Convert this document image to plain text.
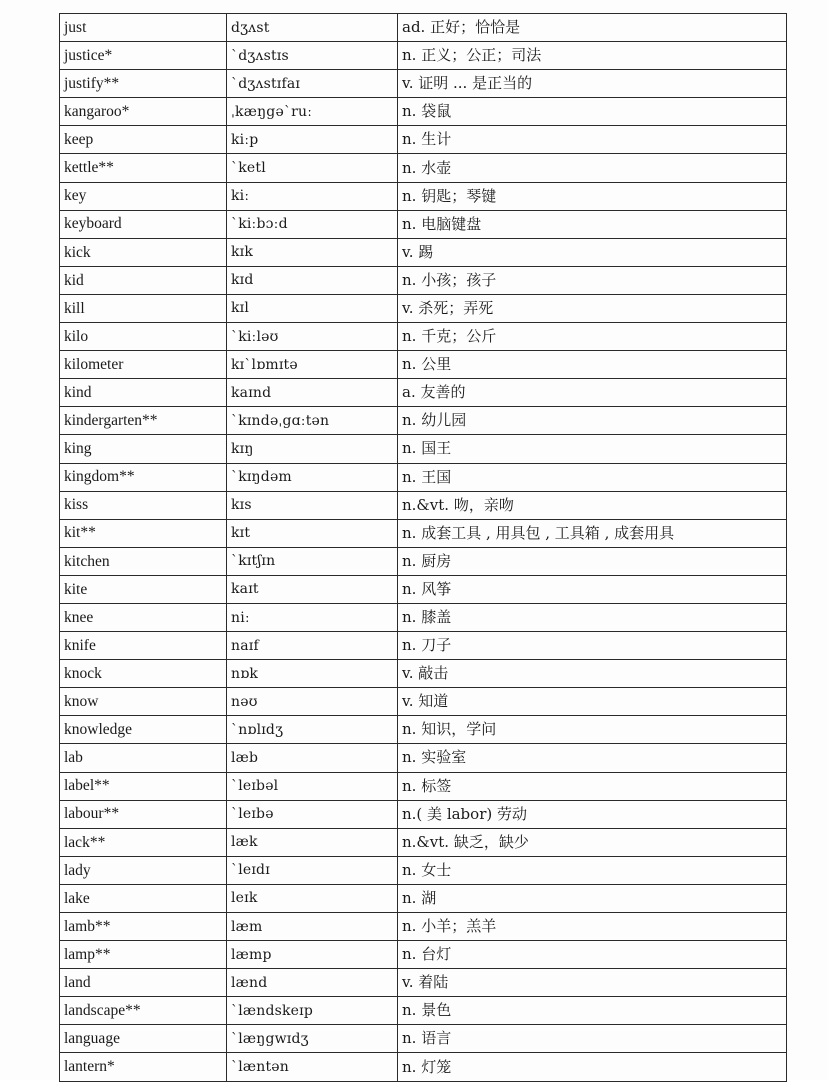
just	dʒʌst	ad. 正好；恰恰是
justice*	ˋdʒʌstɪs	n. 正义；公正；司法
justify**	ˋdʒʌstɪfaɪ	v. 证明 ... 是正当的
kangaroo*	ˌkæŋgəˋruː	n. 袋鼠
keep	kiːp	n. 生计
kettle**	ˋketl	n. 水壶
key	kiː	n. 钥匙；琴键
keyboard	ˋkiːbɔːd	n. 电脑键盘
kick	kɪk	v. 踢
kid	kɪd	n. 小孩；孩子
kill	kɪl	v. 杀死；弄死
kilo	ˋkiːləʊ	n. 千克；公斤
kilometer	kɪˋlɒmɪtə	n. 公里
kind	kaɪnd	a. 友善的
kindergarten**	ˋkɪndəˌgɑːtən	n. 幼儿园
king	kɪŋ	n. 国王
kingdom**	ˋkɪŋdəm	n. 王国
kiss	kɪs	n.&vt. 吻，亲吻
kit**	kɪt	n. 成套工具 , 用具包 , 工具箱 , 成套用具
kitchen	ˋkɪtʃɪn	n. 厨房
kite	kaɪt	n. 风筝
knee	niː	n. 膝盖
knife	naɪf	n. 刀子
knock	nɒk	v. 敲击
know	nəʊ	v. 知道
knowledge	ˋnɒlɪdʒ	n. 知识，学问
lab	læb	n. 实验室
label**	ˋleɪbəl	n. 标签
labour**	ˋleɪbə	n.( 美 labor) 劳动
lack**	læk	n.&vt. 缺乏，缺少
lady	ˋleɪdɪ	n. 女士
lake	leɪk	n. 湖
lamb**	læm	n. 小羊；羔羊
lamp**	læmp	n. 台灯
land	lænd	v. 着陆
landscape**	ˋlændskeɪp	n. 景色
language	ˋlæŋgwɪdʒ	n. 语言
lantern*	ˋlæntən	n. 灯笼
